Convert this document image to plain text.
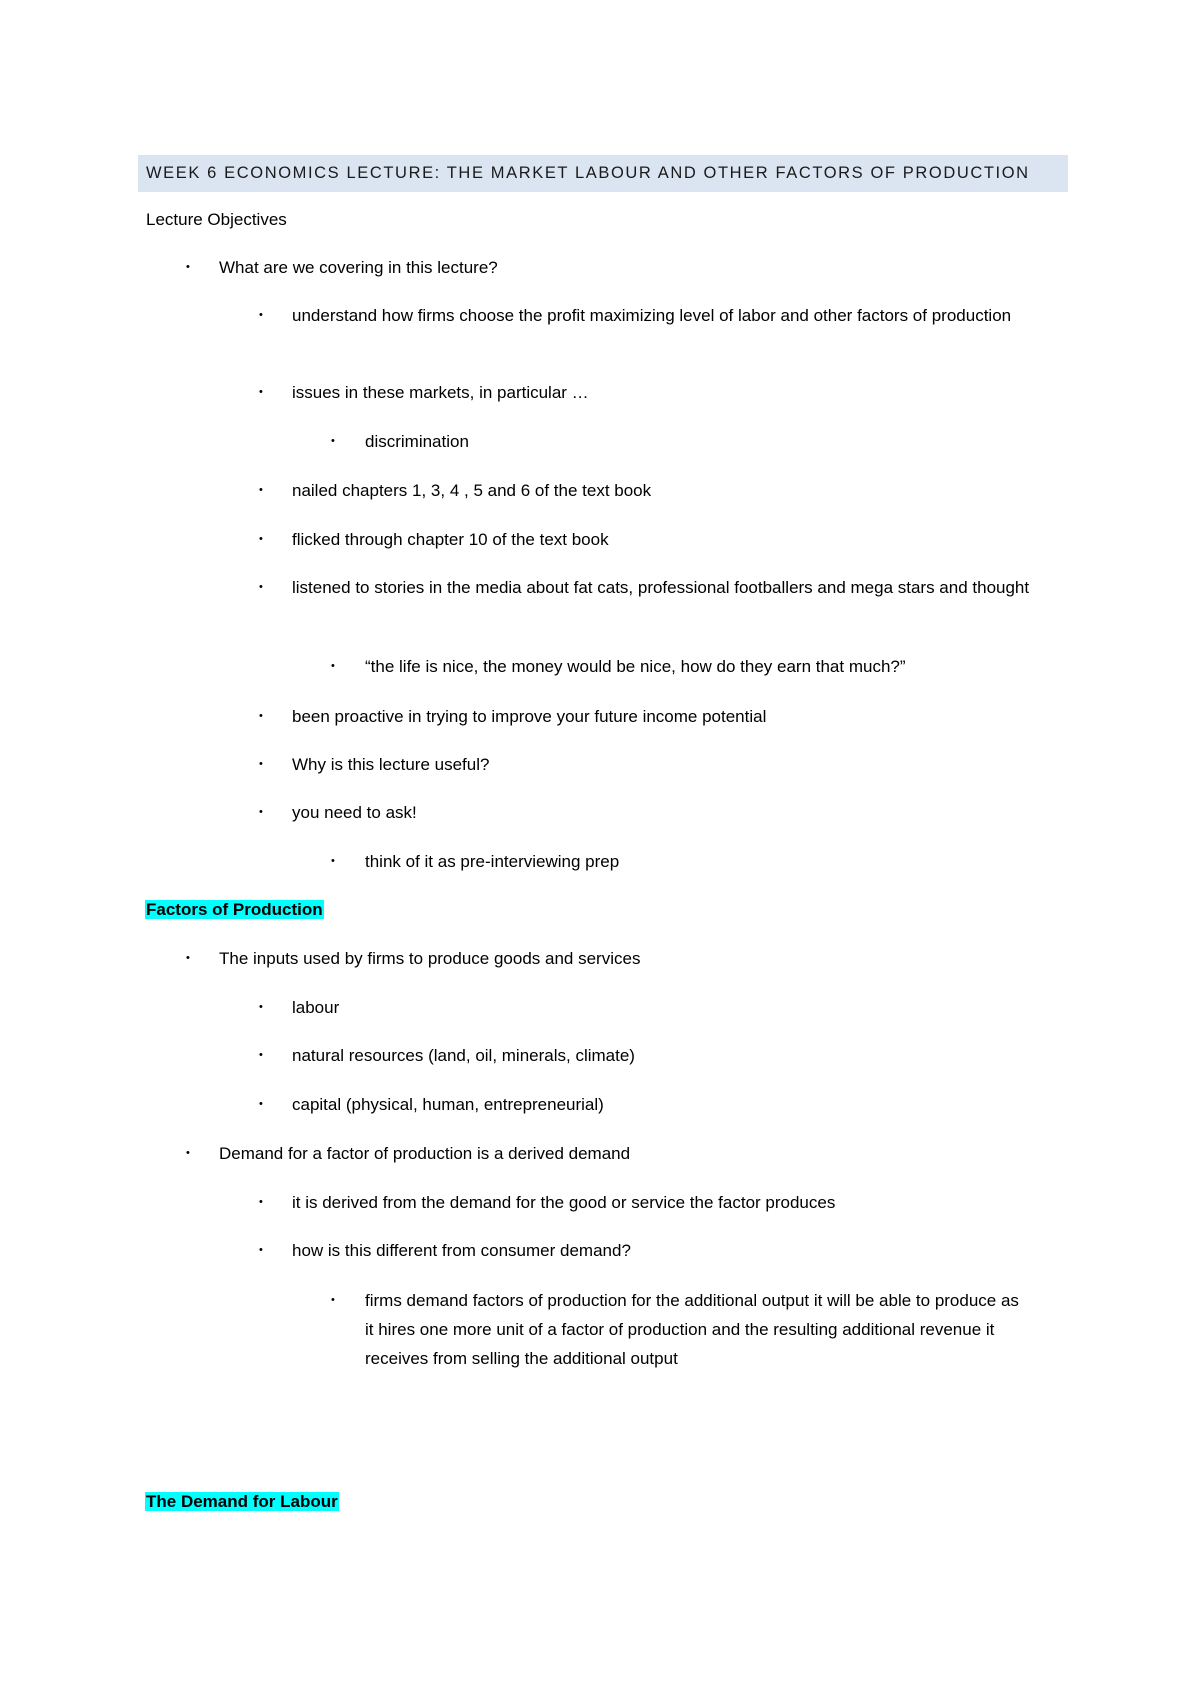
WEEK 6 ECONOMICS LECTURE: THE MARKET LABOUR AND OTHER FACTORS OF PRODUCTION
Lecture Objectives
• What are we covering in this lecture?
• understand how firms choose the profit maximizing level of labor and other factors of production
• issues in these markets, in particular …
• discrimination
• nailed chapters 1, 3, 4 , 5 and 6 of the text book
• flicked through chapter 10 of the text book
• listened to stories in the media about fat cats, professional footballers and mega stars and thought
• “the life is nice, the money would be nice, how do they earn that much?”
• been proactive in trying to improve your future income potential
• Why is this lecture useful?
• you need to ask!
• think of it as pre-interviewing prep
Factors of Production
• The inputs used by firms to produce goods and services
• labour
• natural resources (land, oil, minerals, climate)
• capital (physical, human, entrepreneurial)
• Demand for a factor of production is a derived demand
• it is derived from the demand for the good or service the factor produces
• how is this different from consumer demand?
• firms demand factors of production for the additional output it will be able to produce as it hires one more unit of a factor of production and the resulting additional revenue it receives from selling the additional output
The Demand for Labour
